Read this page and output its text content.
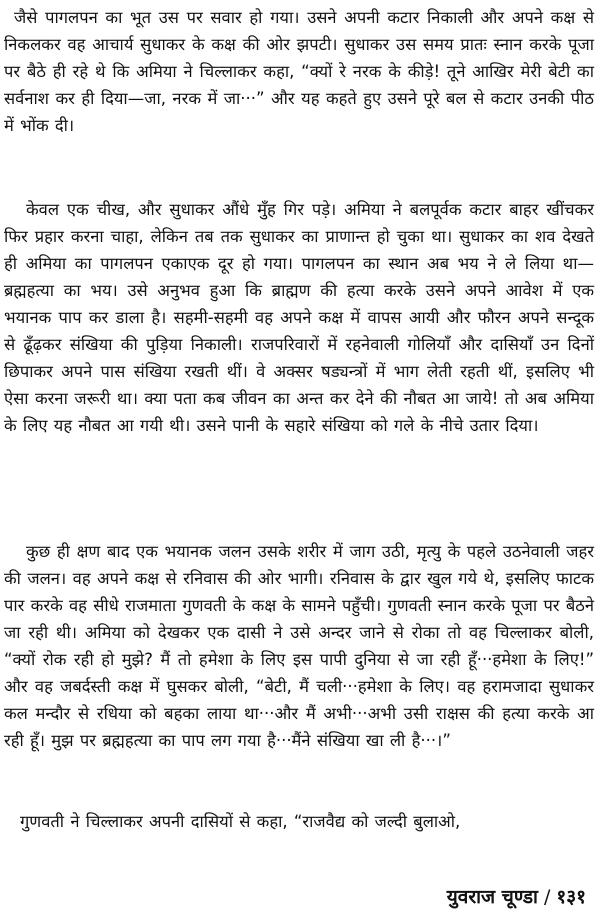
जैसे पागलपन का भूत उस पर सवार हो गया। उसने अपनी कटार निकाली और अपने कक्ष से निकलकर वह आचार्य सुधाकर के कक्ष की ओर झपटी। सुधाकर उस समय प्रातः स्नान करके पूजा पर बैठे ही रहे थे कि अमिया ने चिल्लाकर कहा, “क्यों रे नरक के कीड़े! तूने आखिर मेरी बेटी का सर्वनाश कर ही दिया—जा, नरक में जा···” और यह कहते हुए उसने पूरे बल से कटार उनकी पीठ में भोंक दी।

केवल एक चीख, और सुधाकर औंधे मुँह गिर पड़े। अमिया ने बलपूर्वक कटार बाहर खींचकर फिर प्रहार करना चाहा, लेकिन तब तक सुधाकर का प्राणान्त हो चुका था। सुधाकर का शव देखते ही अमिया का पागलपन एकाएक दूर हो गया। पागलपन का स्थान अब भय ने ले लिया था—ब्रह्महत्या का भय। उसे अनुभव हुआ कि ब्राह्मण की हत्या करके उसने अपने आवेश में एक भयानक पाप कर डाला है। सहमी-सहमी वह अपने कक्ष में वापस आयी और फौरन अपने सन्दूक से ढूँढ़कर संखिया की पुड़िया निकाली। राजपरिवारों में रहनेवाली गोलियाँ और दासियाँ उन दिनों छिपाकर अपने पास संखिया रखती थीं। वे अक्सर षड्यन्त्रों में भाग लेती रहती थीं, इसलिए भी ऐसा करना जरूरी था। क्या पता कब जीवन का अन्त कर देने की नौबत आ जाये! तो अब अमिया के लिए यह नौबत आ गयी थी। उसने पानी के सहारे संखिया को गले के नीचे उतार दिया।

कुछ ही क्षण बाद एक भयानक जलन उसके शरीर में जाग उठी, मृत्यु के पहले उठनेवाली जहर की जलन। वह अपने कक्ष से रनिवास की ओर भागी। रनिवास के द्वार खुल गये थे, इसलिए फाटक पार करके वह सीधे राजमाता गुणवती के कक्ष के सामने पहुँची। गुणवती स्नान करके पूजा पर बैठने जा रही थी। अमिया को देखकर एक दासी ने उसे अन्दर जाने से रोका तो वह चिल्लाकर बोली, “क्यों रोक रही हो मुझे? मैं तो हमेशा के लिए इस पापी दुनिया से जा रही हूँ···हमेशा के लिए!” और वह जबर्दस्ती कक्ष में घुसकर बोली, “बेटी, मैं चली···हमेशा के लिए। वह हरामजादा सुधाकर कल मन्दौर से रधिया को बहका लाया था···और मैं अभी···अभी उसी राक्षस की हत्या करके आ रही हूँ। मुझ पर ब्रह्महत्या का पाप लग गया है···मैंने संखिया खा ली है···।”

गुणवती ने चिल्लाकर अपनी दासियों से कहा, “राजवैद्य को जल्दी बुलाओ,

युवराज चूण्डा / १३१
